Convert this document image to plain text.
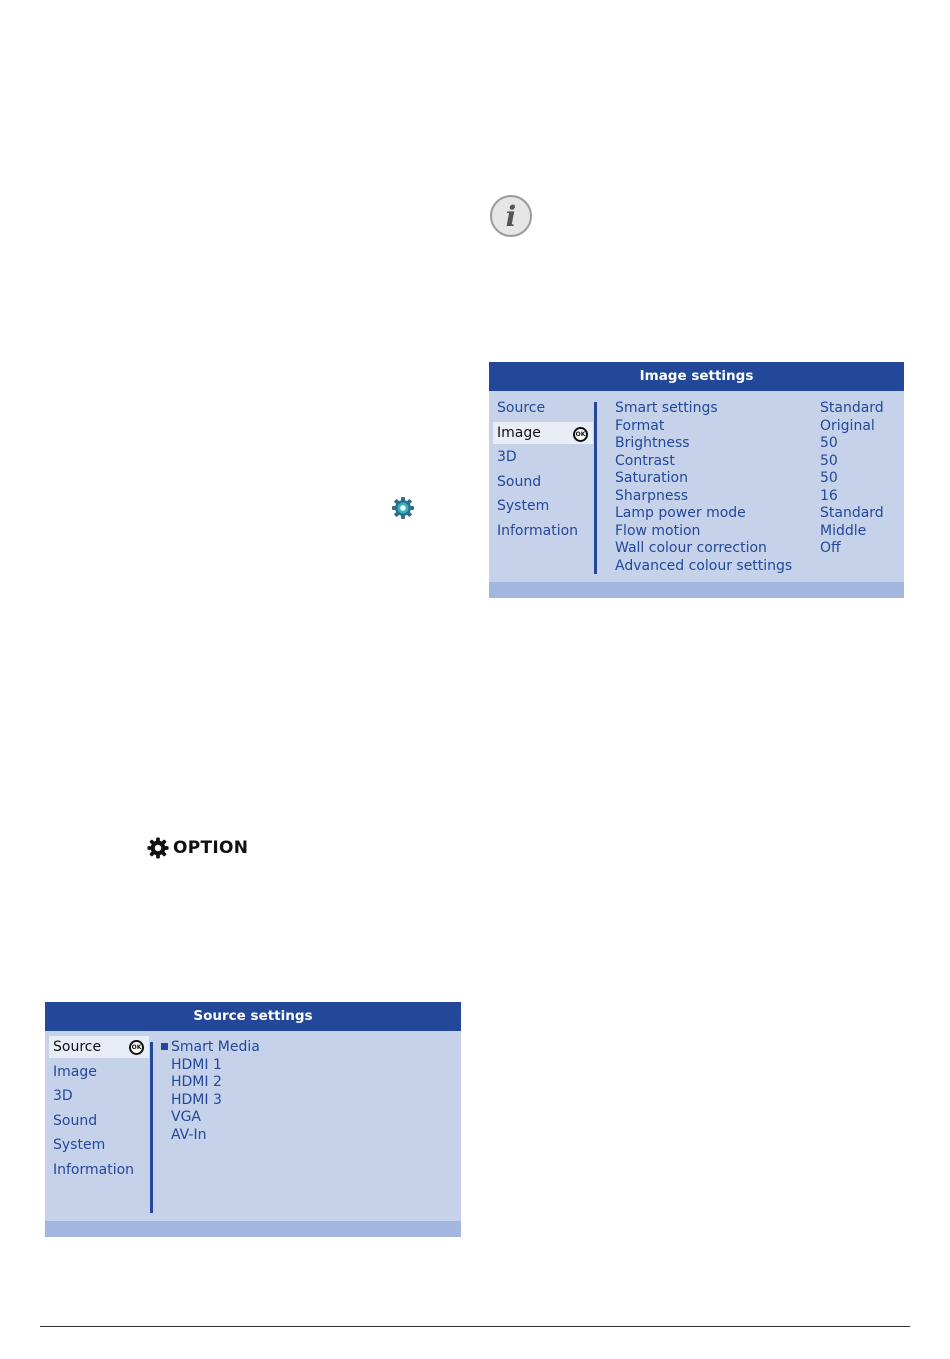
i
OPTION
Image settings
Source
Image	OK
3D
Sound
System
Information
Smart settings	Standard
Format	Original
Brightness	50
Contrast	50
Saturation	50
Sharpness	16
Lamp power mode	Standard
Flow motion	Middle
Wall colour correction	Off
Advanced colour settings
Source settings
Source	OK
Image
3D
Sound
System
Information
Smart Media
HDMI 1
HDMI 2
HDMI 3
VGA
AV-In
